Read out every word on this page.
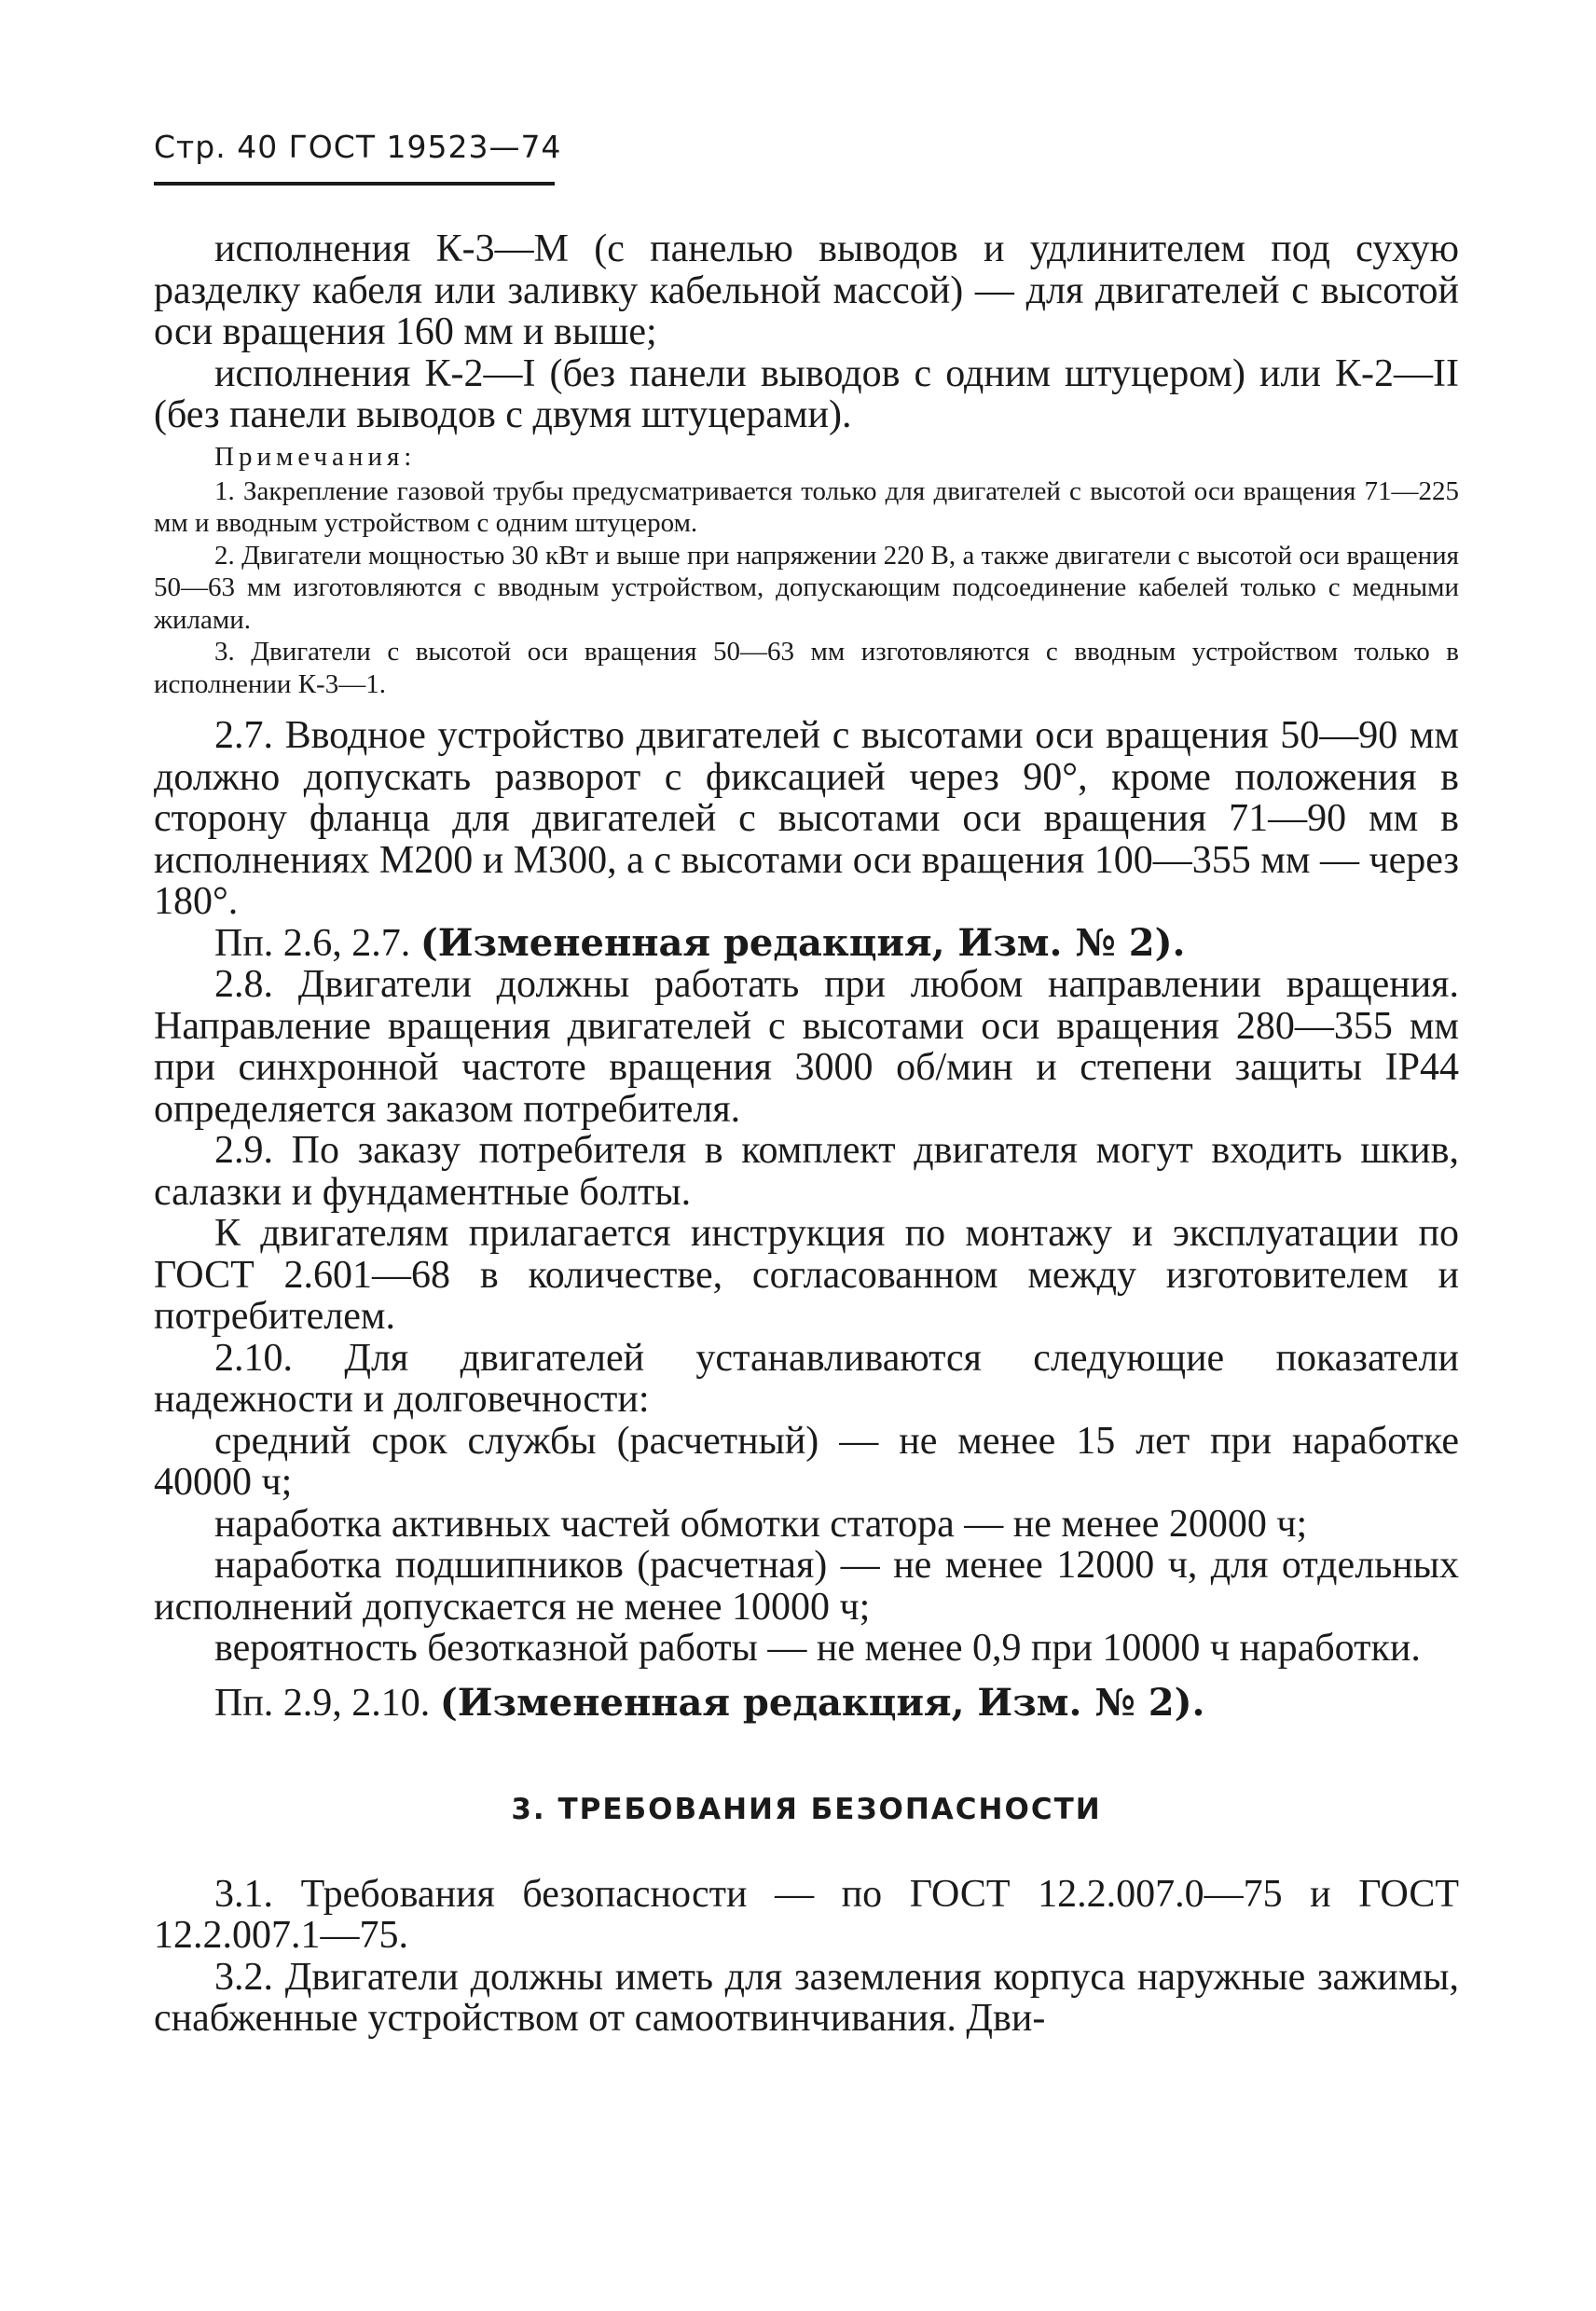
Стр. 40 ГОСТ 19523—74

исполнения К-3—М (с панелью выводов и удлинителем под сухую разделку кабеля или заливку кабельной массой) — для двигателей с высотой оси вращения 160 мм и выше;

исполнения К-2—I (без панели выводов с одним штуцером) или К-2—II (без панели выводов с двумя штуцерами).

Примечания:

1. Закрепление газовой трубы предусматривается только для двигателей с высотой оси вращения 71—225 мм и вводным устройством с одним штуцером.

2. Двигатели мощностью 30 кВт и выше при напряжении 220 В, а также двигатели с высотой оси вращения 50—63 мм изготовляются с вводным устройством, допускающим подсоединение кабелей только с медными жилами.

3. Двигатели с высотой оси вращения 50—63 мм изготовляются с вводным устройством только в исполнении К-3—1.

2.7. Вводное устройство двигателей с высотами оси вращения 50—90 мм должно допускать разворот с фиксацией через 90°, кроме положения в сторону фланца для двигателей с высотами оси вращения 71—90 мм в исполнениях М200 и М300, а с высотами оси вращения 100—355 мм — через 180°.

Пп. 2.6, 2.7. (Измененная редакция, Изм. № 2).

2.8. Двигатели должны работать при любом направлении вращения. Направление вращения двигателей с высотами оси вращения 280—355 мм при синхронной частоте вращения 3000 об/мин и степени защиты IP44 определяется заказом потребителя.

2.9. По заказу потребителя в комплект двигателя могут входить шкив, салазки и фундаментные болты.

К двигателям прилагается инструкция по монтажу и эксплуатации по ГОСТ 2.601—68 в количестве, согласованном между изготовителем и потребителем.

2.10. Для двигателей устанавливаются следующие показатели надежности и долговечности:

средний срок службы (расчетный) — не менее 15 лет при наработке 40000 ч;

наработка активных частей обмотки статора — не менее 20000 ч;

наработка подшипников (расчетная) — не менее 12000 ч, для отдельных исполнений допускается не менее 10000 ч;

вероятность безотказной работы — не менее 0,9 при 10000 ч наработки.

Пп. 2.9, 2.10. (Измененная редакция, Изм. № 2).

3. ТРЕБОВАНИЯ БЕЗОПАСНОСТИ

3.1. Требования безопасности — по ГОСТ 12.2.007.0—75 и ГОСТ 12.2.007.1—75.

3.2. Двигатели должны иметь для заземления корпуса наружные зажимы, снабженные устройством от самоотвинчивания. Дви-
